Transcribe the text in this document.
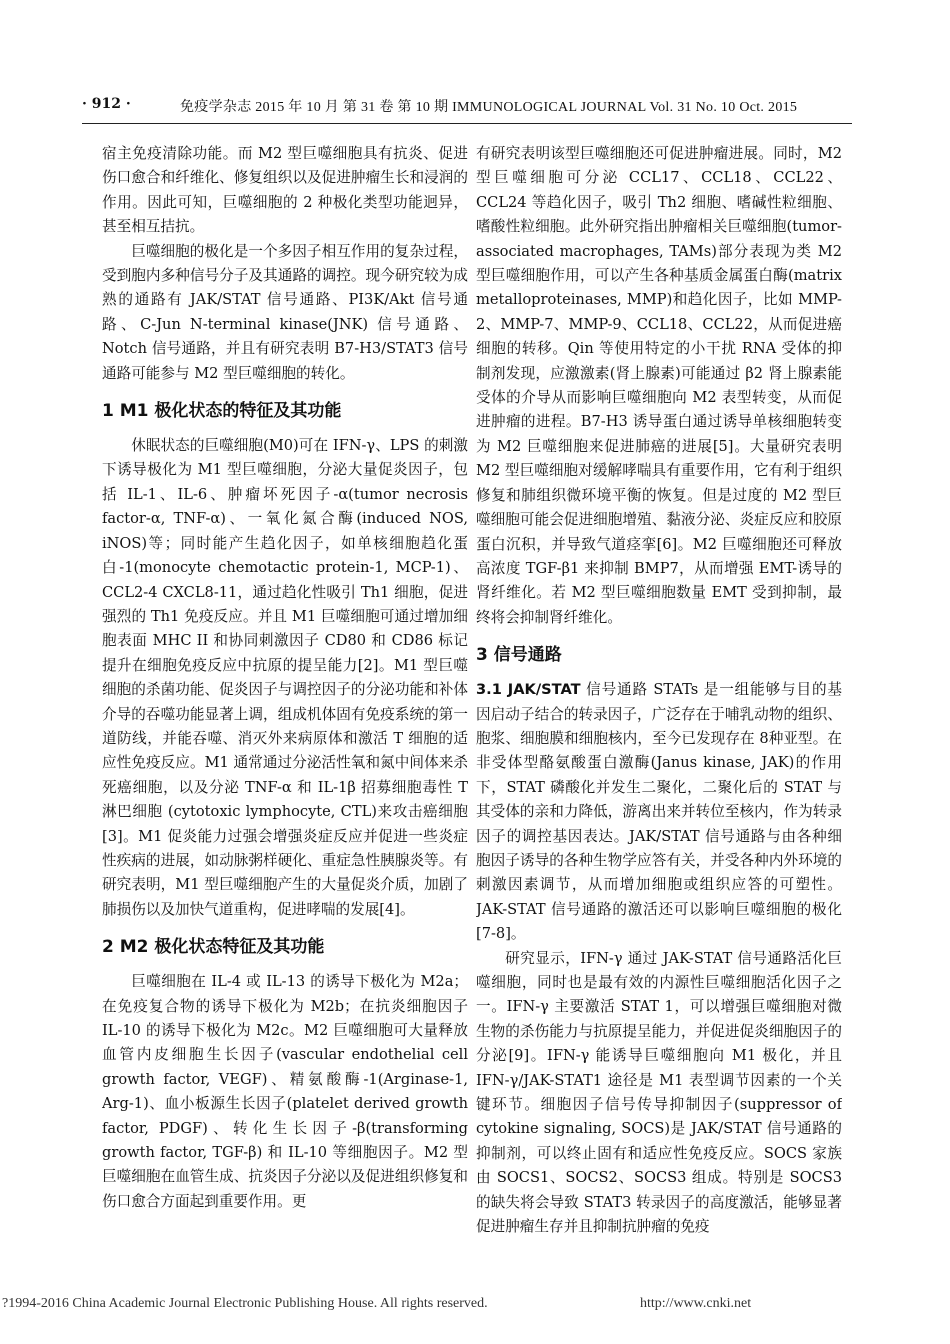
· 912 ·	免疫学杂志 2015 年 10 月 第 31 卷 第 10 期 IMMUNOLOGICAL JOURNAL Vol. 31 No. 10 Oct. 2015

宿主免疫清除功能。而 M2 型巨噬细胞具有抗炎、促进伤口愈合和纤维化、修复组织以及促进肿瘤生长和浸润的作用。因此可知，巨噬细胞的 2 种极化类型功能迥异，甚至相互拮抗。

巨噬细胞的极化是一个多因子相互作用的复杂过程，受到胞内多种信号分子及其通路的调控。现今研究较为成熟的通路有 JAK/STAT 信号通路、PI3K/Akt 信号通路、C-Jun N-terminal kinase(JNK) 信号通路、Notch 信号通路，并且有研究表明 B7-H3/STAT3 信号通路可能参与 M2 型巨噬细胞的转化。

1 M1 极化状态的特征及其功能

休眠状态的巨噬细胞(M0)可在 IFN-γ、LPS 的刺激下诱导极化为 M1 型巨噬细胞，分泌大量促炎因子，包括 IL-1、IL-6、肿瘤坏死因子-α(tumor necrosis factor-α, TNF-α)、一氧化氮合酶(induced NOS, iNOS)等；同时能产生趋化因子，如单核细胞趋化蛋白-1(monocyte chemotactic protein-1, MCP-1)、CCL2-4 CXCL8-11，通过趋化性吸引 Th1 细胞，促进强烈的 Th1 免疫反应。并且 M1 巨噬细胞可通过增加细胞表面 MHC II 和协同刺激因子 CD80 和 CD86 标记提升在细胞免疫反应中抗原的提呈能力[2]。M1 型巨噬细胞的杀菌功能、促炎因子与调控因子的分泌功能和补体介导的吞噬功能显著上调，组成机体固有免疫系统的第一道防线，并能吞噬、消灭外来病原体和激活 T 细胞的适应性免疫反应。M1 通常通过分泌活性氧和氮中间体来杀死癌细胞，以及分泌 TNF-α 和 IL-1β 招募细胞毒性 T 淋巴细胞 (cytotoxic lymphocyte, CTL)来攻击癌细胞[3]。M1 促炎能力过强会增强炎症反应并促进一些炎症性疾病的进展，如动脉粥样硬化、重症急性胰腺炎等。有研究表明，M1 型巨噬细胞产生的大量促炎介质，加剧了肺损伤以及加快气道重构，促进哮喘的发展[4]。

2 M2 极化状态特征及其功能

巨噬细胞在 IL-4 或 IL-13 的诱导下极化为 M2a；在免疫复合物的诱导下极化为 M2b；在抗炎细胞因子 IL-10 的诱导下极化为 M2c。M2 巨噬细胞可大量释放血管内皮细胞生长因子(vascular endothelial cell growth factor, VEGF)、精氨酸酶-1(Arginase-1, Arg-1)、血小板源生长因子(platelet derived growth factor, PDGF)、转化生长因子-β(transforming growth factor, TGF-β) 和 IL-10 等细胞因子。M2 型巨噬细胞在血管生成、抗炎因子分泌以及促进组织修复和伤口愈合方面起到重要作用。更

有研究表明该型巨噬细胞还可促进肿瘤进展。同时，M2 型巨噬细胞可分泌 CCL17、CCL18、CCL22、CCL24 等趋化因子，吸引 Th2 细胞、嗜碱性粒细胞、嗜酸性粒细胞。此外研究指出肿瘤相关巨噬细胞(tumor-associated macrophages, TAMs)部分表现为类 M2 型巨噬细胞作用，可以产生各种基质金属蛋白酶(matrix metalloproteinases, MMP)和趋化因子，比如 MMP-2、MMP-7、MMP-9、CCL18、CCL22，从而促进癌细胞的转移。Qin 等使用特定的小干扰 RNA 受体的抑制剂发现，应激激素(肾上腺素)可能通过 β2 肾上腺素能受体的介导从而影响巨噬细胞向 M2 表型转变，从而促进肿瘤的进程。B7-H3 诱导蛋白通过诱导单核细胞转变为 M2 巨噬细胞来促进肺癌的进展[5]。大量研究表明 M2 型巨噬细胞对缓解哮喘具有重要作用，它有利于组织修复和肺组织微环境平衡的恢复。但是过度的 M2 型巨噬细胞可能会促进细胞增殖、黏液分泌、炎症反应和胶原蛋白沉积，并导致气道痉挛[6]。M2 巨噬细胞还可释放高浓度 TGF-β1 来抑制 BMP7，从而增强 EMT-诱导的肾纤维化。若 M2 型巨噬细胞数量 EMT 受到抑制，最终将会抑制肾纤维化。

3 信号通路

3.1 JAK/STAT 信号通路 STATs 是一组能够与目的基因启动子结合的转录因子，广泛存在于哺乳动物的组织、胞浆、细胞膜和细胞核内，至今已发现存在 8种亚型。在非受体型酪氨酸蛋白激酶(Janus kinase, JAK)的作用下，STAT 磷酸化并发生二聚化，二聚化后的 STAT 与其受体的亲和力降低，游离出来并转位至核内，作为转录因子的调控基因表达。JAK/STAT 信号通路与由各种细胞因子诱导的各种生物学应答有关，并受各种内外环境的刺激因素调节，从而增加细胞或组织应答的可塑性。JAK-STAT 信号通路的激活还可以影响巨噬细胞的极化[7-8]。

研究显示，IFN-γ 通过 JAK-STAT 信号通路活化巨噬细胞，同时也是最有效的内源性巨噬细胞活化因子之一。IFN-γ 主要激活 STAT 1，可以增强巨噬细胞对微生物的杀伤能力与抗原提呈能力，并促进促炎细胞因子的分泌[9]。IFN-γ 能诱导巨噬细胞向 M1 极化，并且 IFN-γ/JAK-STAT1 途径是 M1 表型调节因素的一个关键环节。细胞因子信号传导抑制因子(suppressor of cytokine signaling, SOCS)是 JAK/STAT 信号通路的抑制剂，可以终止固有和适应性免疫反应。SOCS 家族由 SOCS1、SOCS2、SOCS3 组成。特别是 SOCS3 的缺失将会导致 STAT3 转录因子的高度激活，能够显著促进肿瘤生存并且抑制抗肿瘤的免疫

?1994-2016 China Academic Journal Electronic Publishing House. All rights reserved.	http://www.cnki.net
